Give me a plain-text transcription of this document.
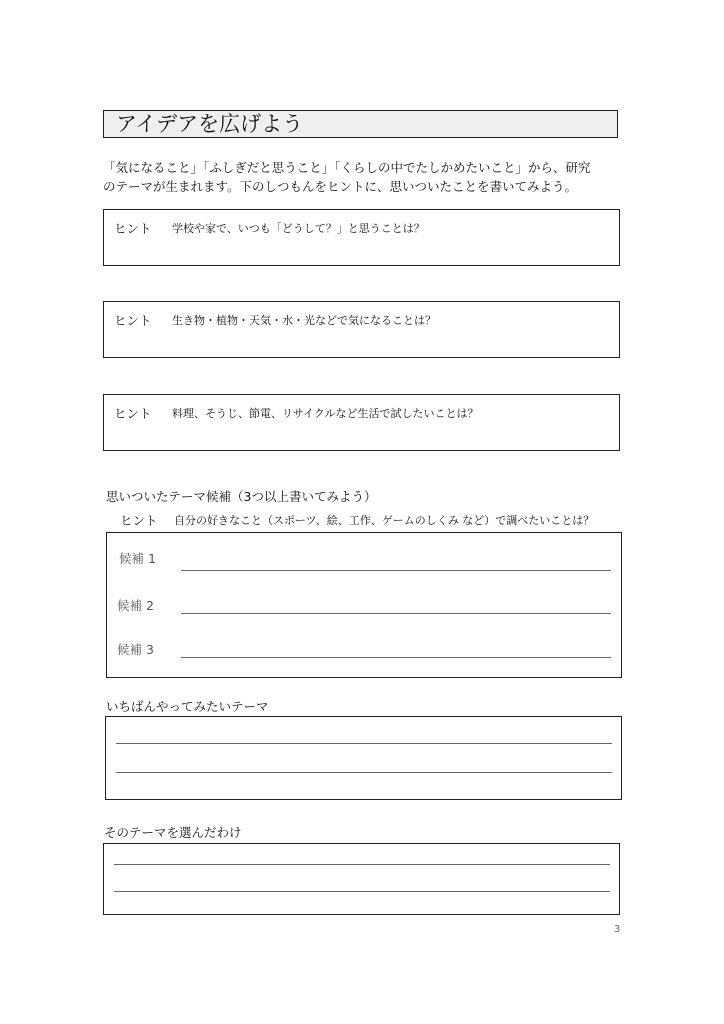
アイデアを広げよう
「気になること」「ふしぎだと思うこと」「くらしの中でたしかめたいこと」から、研究
のテーマが生まれます。下のしつもんをヒントに、思いついたことを書いてみよう。
ヒント 学校や家で、いつも「どうして？」と思うことは？
ヒント 生き物・植物・天気・水・光などで気になることは？
ヒント 料理、そうじ、節電、リサイクルなど生活で試したいことは？
思いついたテーマ候補（3つ以上書いてみよう）
ヒント 自分の好きなこと（スポーツ、絵、工作、ゲームのしくみ など）で調べたいことは？
候補 1
候補 2
候補 3
いちばんやってみたいテーマ
そのテーマを選んだわけ
3
